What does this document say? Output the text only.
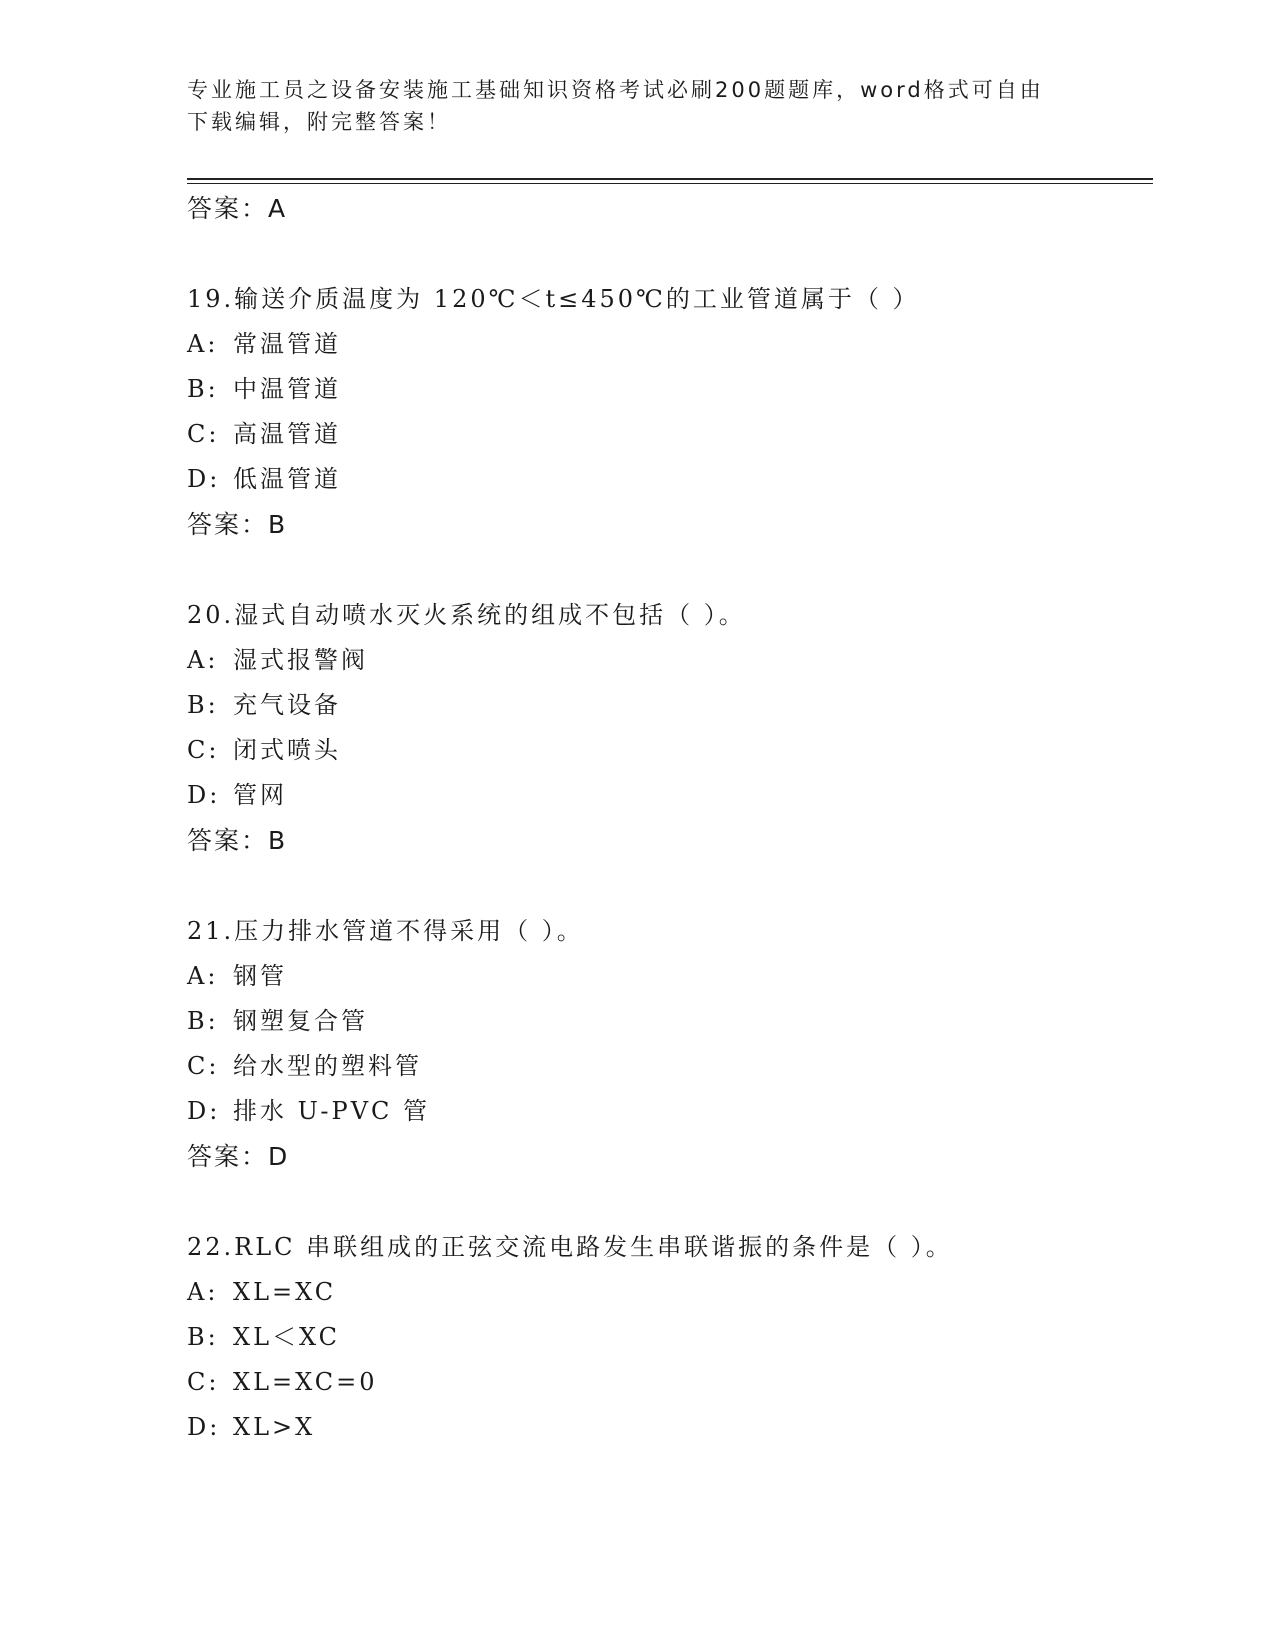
专业施工员之设备安装施工基础知识资格考试必刷200题题库，word格式可自由下载编辑，附完整答案！

答案：A
19.输送介质温度为 120℃＜t≤450℃的工业管道属于（ ）
A: 常温管道
B: 中温管道
C: 高温管道
D: 低温管道
答案：B
20.湿式自动喷水灭火系统的组成不包括（ ）。
A: 湿式报警阀
B: 充气设备
C: 闭式喷头
D: 管网
答案：B
21.压力排水管道不得采用（ ）。
A: 钢管
B: 钢塑复合管
C: 给水型的塑料管
D: 排水 U-PVC 管
答案：D
22.RLC 串联组成的正弦交流电路发生串联谐振的条件是（ ）。
A: XL=XC
B: XL＜XC
C: XL=XC=0
D: XL>X
